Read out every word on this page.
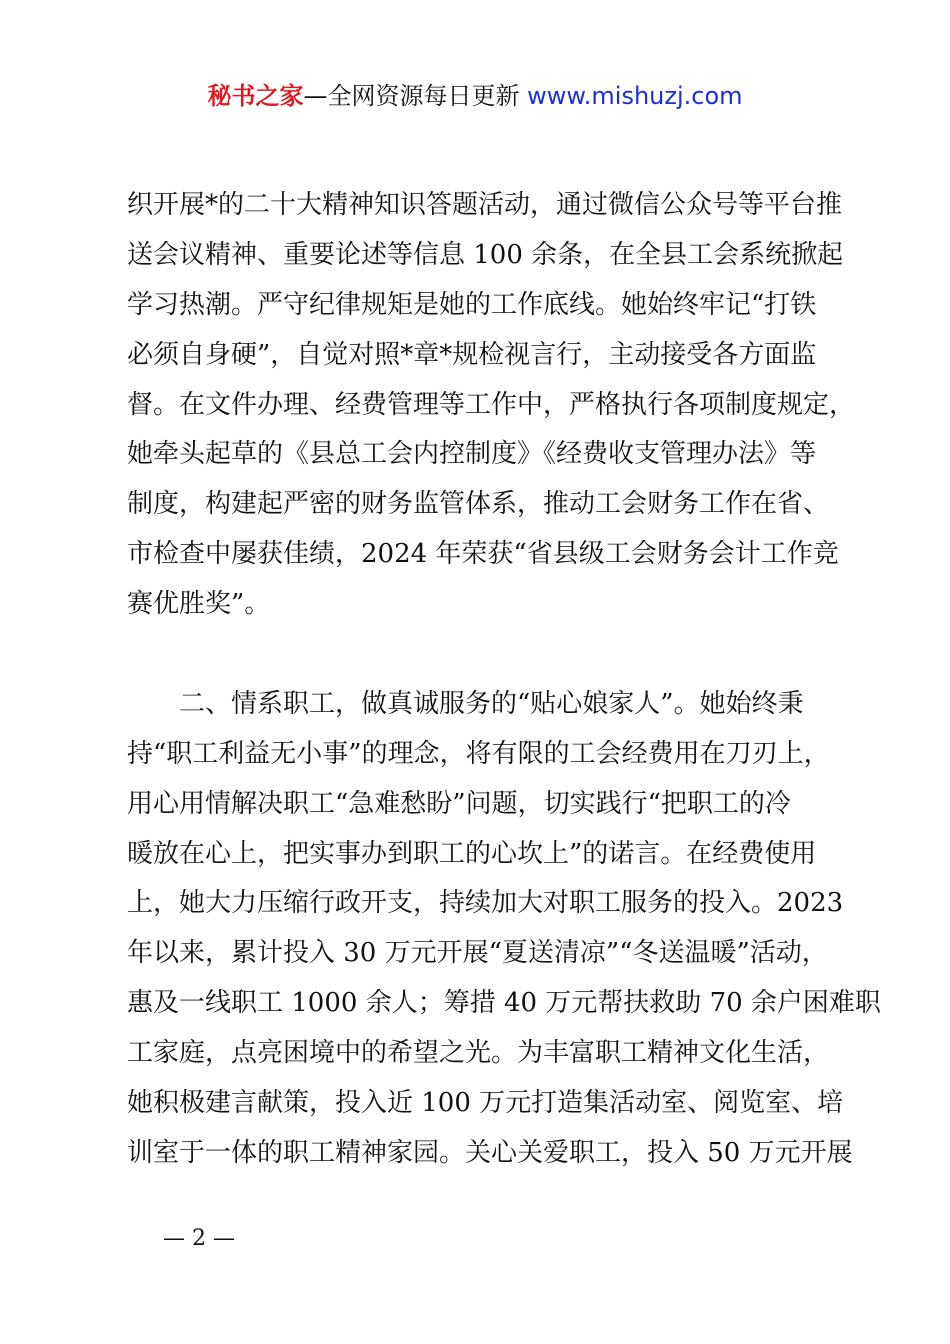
秘书之家—全网资源每日更新 www.mishuzj.com
织开展*的二十大精神知识答题活动，通过微信公众号等平台推
送会议精神、重要论述等信息 100 余条，在全县工会系统掀起
学习热潮。严守纪律规矩是她的工作底线。她始终牢记“打铁
必须自身硬”，自觉对照*章*规检视言行，主动接受各方面监
督。在文件办理、经费管理等工作中，严格执行各项制度规定，
她牵头起草的《县总工会内控制度》《经费收支管理办法》等
制度，构建起严密的财务监管体系，推动工会财务工作在省、
市检查中屡获佳绩，2024 年荣获“省县级工会财务会计工作竞
赛优胜奖”。
　　二、情系职工，做真诚服务的“贴心娘家人”。她始终秉
持“职工利益无小事”的理念，将有限的工会经费用在刀刃上，
用心用情解决职工“急难愁盼”问题，切实践行“把职工的冷
暖放在心上，把实事办到职工的心坎上”的诺言。在经费使用
上，她大力压缩行政开支，持续加大对职工服务的投入。2023
年以来，累计投入 30 万元开展“夏送清凉”“冬送温暖”活动，
惠及一线职工 1000 余人；筹措 40 万元帮扶救助 70 余户困难职
工家庭，点亮困境中的希望之光。为丰富职工精神文化生活，
她积极建言献策，投入近 100 万元打造集活动室、阅览室、培
训室于一体的职工精神家园。关心关爱职工，投入 50 万元开展
— 2 —
